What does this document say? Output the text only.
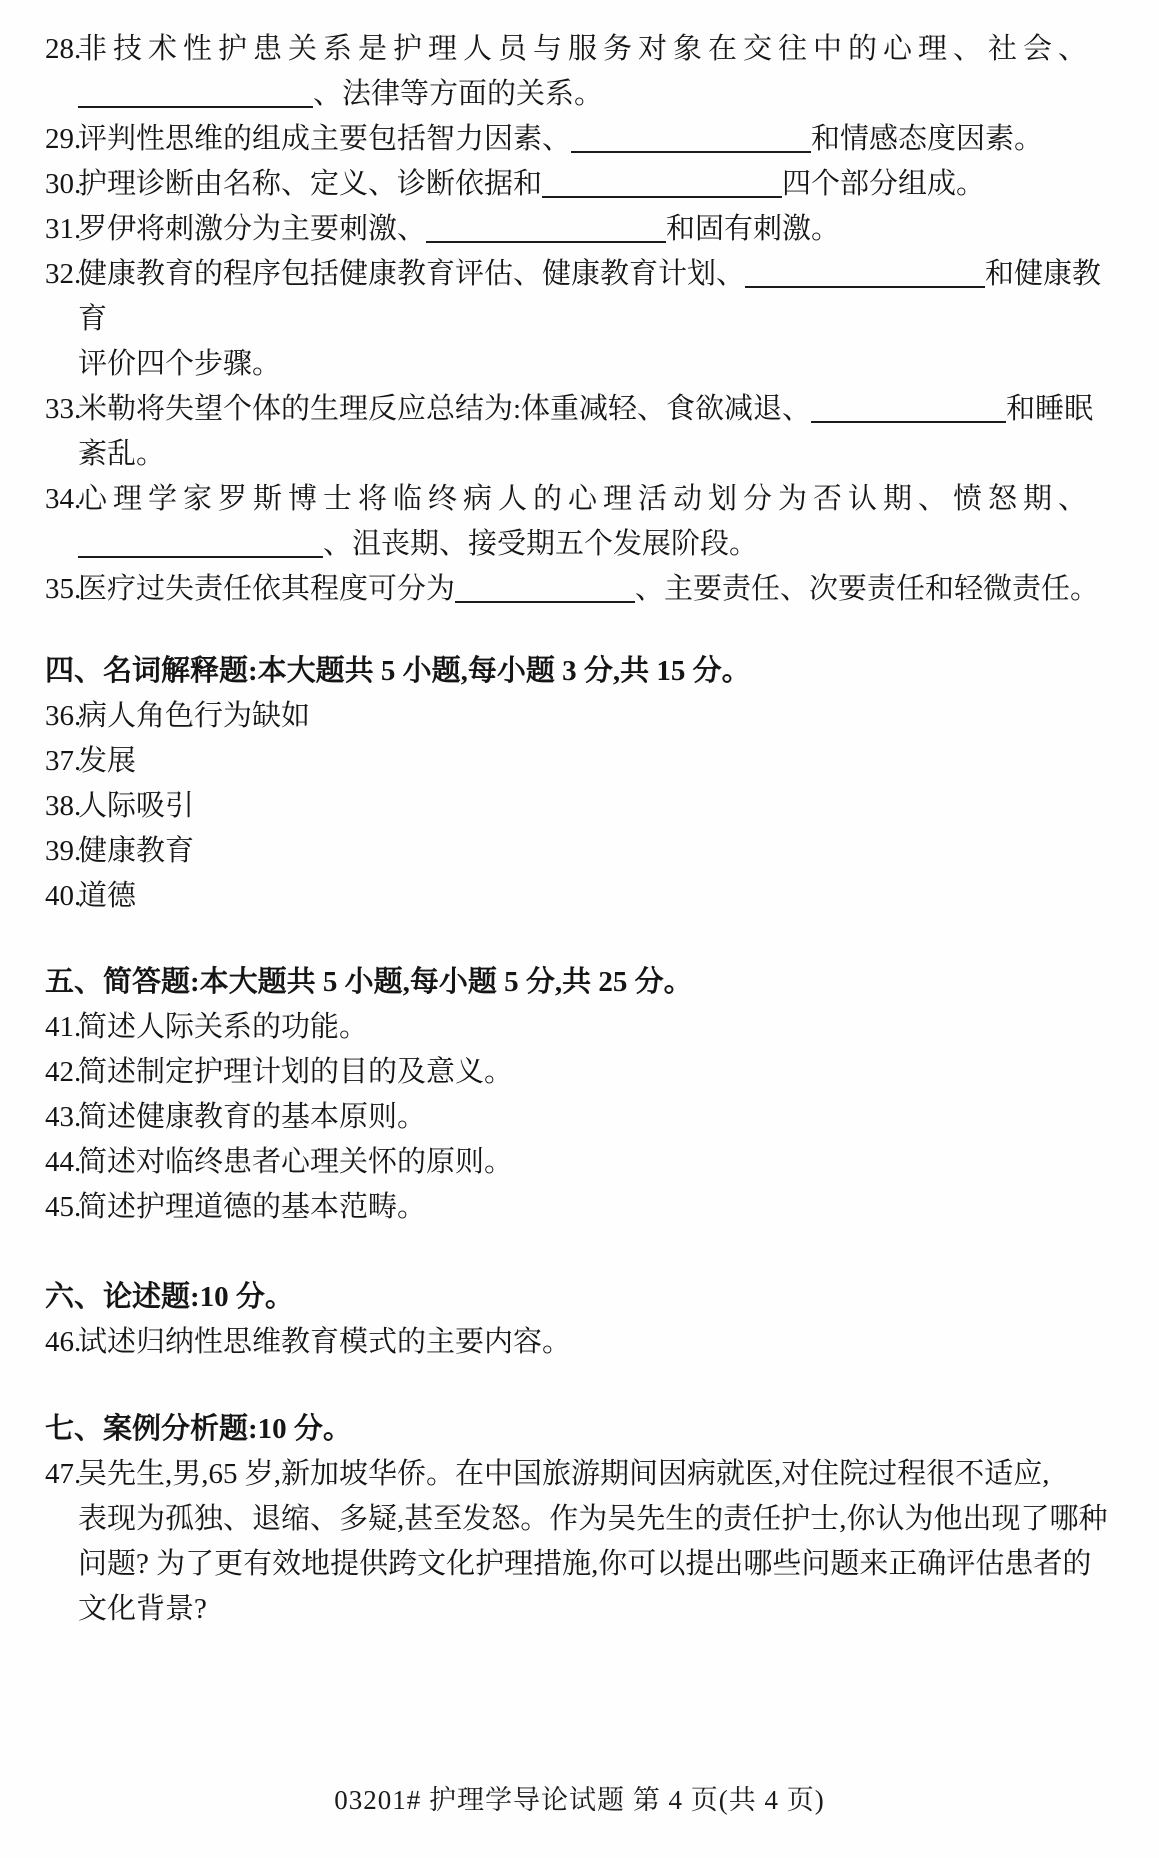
28.
非技术性护患关系是护理人员与服务对象在交往中的心理、社会、
、法律等方面的关系。
29.
评判性思维的组成主要包括智力因素、	和情感态度因素。
30.
护理诊断由名称、定义、诊断依据和	四个部分组成。
31.
罗伊将刺激分为主要刺激、	和固有刺激。
32.
健康教育的程序包括健康教育评估、健康教育计划、	和健康教育
评价四个步骤。
33.
米勒将失望个体的生理反应总结为:体重减轻、食欲减退、	和睡眠
紊乱。
34.
心理学家罗斯博士将临终病人的心理活动划分为否认期、愤怒期、
、沮丧期、接受期五个发展阶段。
35.
医疗过失责任依其程度可分为	、主要责任、次要责任和轻微责任。
四、名词解释题:本大题共 5 小题,每小题 3 分,共 15 分。
36.
病人角色行为缺如
37.
发展
38.
人际吸引
39.
健康教育
40.
道德
五、简答题:本大题共 5 小题,每小题 5 分,共 25 分。
41.
简述人际关系的功能。
42.
简述制定护理计划的目的及意义。
43.
简述健康教育的基本原则。
44.
简述对临终患者心理关怀的原则。
45.
简述护理道德的基本范畴。
六、论述题:10 分。
46.
试述归纳性思维教育模式的主要内容。
七、案例分析题:10 分。
47.
吴先生,男,65 岁,新加坡华侨。在中国旅游期间因病就医,对住院过程很不适应,
表现为孤独、退缩、多疑,甚至发怒。作为吴先生的责任护士,你认为他出现了哪种
问题? 为了更有效地提供跨文化护理措施,你可以提出哪些问题来正确评估患者的
文化背景?
03201# 护理学导论试题 第 4 页(共 4 页)
